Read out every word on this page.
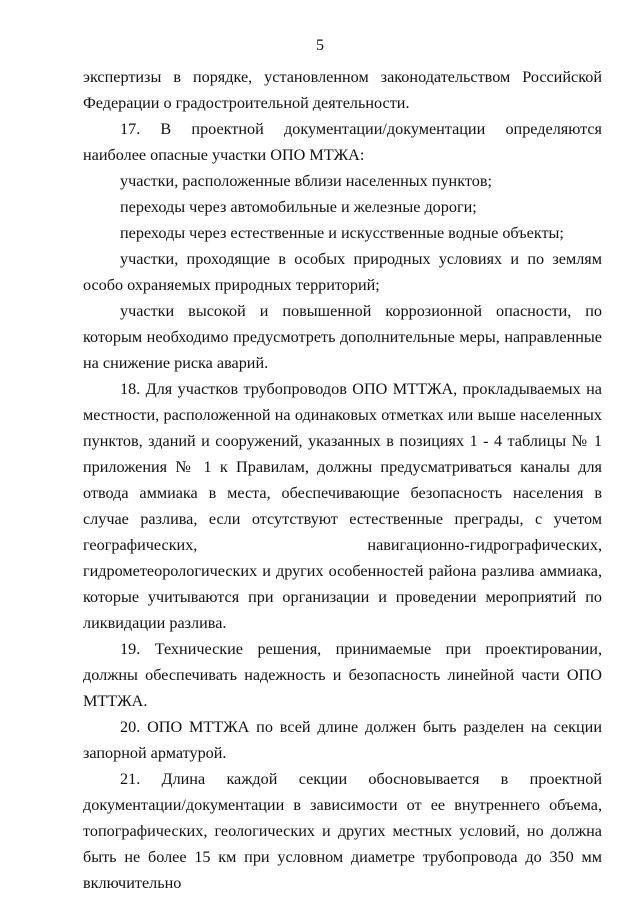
5

экспертизы в порядке, установленном законодательством Российской Федерации о градостроительной деятельности.

17. В проектной документации/документации определяются наиболее опасные участки ОПО МТЖА:

участки, расположенные вблизи населенных пунктов;

переходы через автомобильные и железные дороги;

переходы через естественные и искусственные водные объекты;

участки, проходящие в особых природных условиях и по землям особо охраняемых природных территорий;

участки высокой и повышенной коррозионной опасности, по которым необходимо предусмотреть дополнительные меры, направленные на снижение риска аварий.

18. Для участков трубопроводов ОПО МТТЖА, прокладываемых на местности, расположенной на одинаковых отметках или выше населенных пунктов, зданий и сооружений, указанных в позициях 1 - 4 таблицы № 1 приложения № 1 к Правилам, должны предусматриваться каналы для отвода аммиака в места, обеспечивающие безопасность населения в случае разлива, если отсутствуют естественные преграды, с учетом географических, навигационно-гидрографических, гидрометеорологических и других особенностей района разлива аммиака, которые учитываются при организации и проведении мероприятий по ликвидации разлива.

19. Технические решения, принимаемые при проектировании, должны обеспечивать надежность и безопасность линейной части ОПО МТТЖА.

20. ОПО МТТЖА по всей длине должен быть разделен на секции запорной арматурой.

21. Длина каждой секции обосновывается в проектной документации/документации в зависимости от ее внутреннего объема, топографических, геологических и других местных условий, но должна быть не более 15 км при условном диаметре трубопровода до 350 мм включительно
